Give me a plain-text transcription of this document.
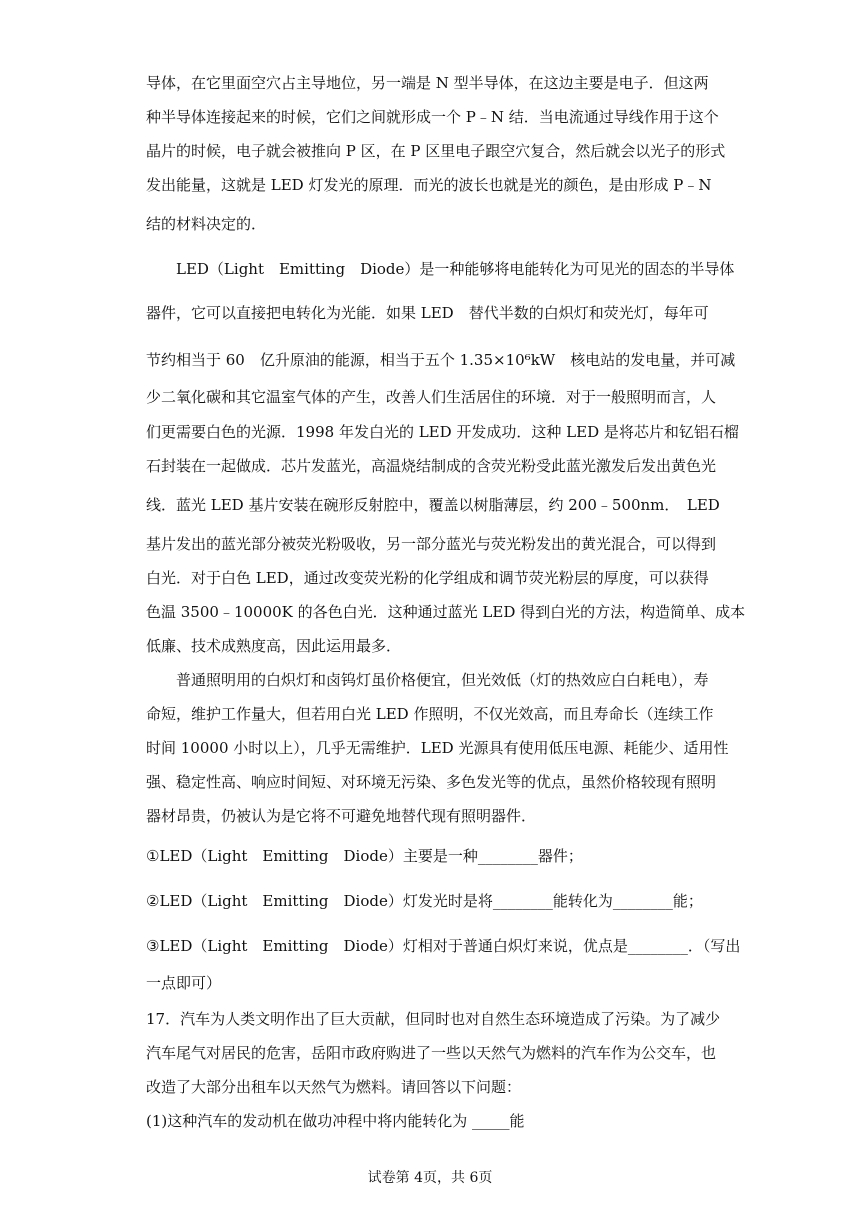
导体，在它里面空穴占主导地位，另一端是 N 型半导体，在这边主要是电子．但这两
种半导体连接起来的时候，它们之间就形成一个 P﹣N 结．当电流通过导线作用于这个
晶片的时候，电子就会被推向 P 区，在 P 区里电子跟空穴复合，然后就会以光子的形式
发出能量，这就是 LED 灯发光的原理．而光的波长也就是光的颜色，是由形成 P﹣N
结的材料决定的．
LED（Light　Emitting　Diode）是一种能够将电能转化为可见光的固态的半导体
器件，它可以直接把电转化为光能．如果 LED　替代半数的白炽灯和荧光灯，每年可
节约相当于 60　亿升原油的能源，相当于五个 1.35×10⁶kW　核电站的发电量，并可减
少二氧化碳和其它温室气体的产生，改善人们生活居住的环境．对于一般照明而言，人
们更需要白色的光源．1998 年发白光的 LED 开发成功．这种 LED 是将芯片和钇铝石榴
石封装在一起做成．芯片发蓝光，高温烧结制成的含荧光粉受此蓝光激发后发出黄色光
线．蓝光 LED 基片安装在碗形反射腔中，覆盖以树脂薄层，约 200﹣500nm．　LED
基片发出的蓝光部分被荧光粉吸收，另一部分蓝光与荧光粉发出的黄光混合，可以得到
白光．对于白色 LED，通过改变荧光粉的化学组成和调节荧光粉层的厚度，可以获得
色温 3500﹣10000K 的各色白光．这种通过蓝光 LED 得到白光的方法，构造简单、成本
低廉、技术成熟度高，因此运用最多．
普通照明用的白炽灯和卤钨灯虽价格便宜，但光效低（灯的热效应白白耗电），寿
命短，维护工作量大，但若用白光 LED 作照明，不仅光效高，而且寿命长（连续工作
时间 10000 小时以上），几乎无需维护．LED 光源具有使用低压电源、耗能少、适用性
强、稳定性高、响应时间短、对环境无污染、多色发光等的优点，虽然价格较现有照明
器材昂贵，仍被认为是它将不可避免地替代现有照明器件．
①LED（Light　Emitting　Diode）主要是一种________器件；
②LED（Light　Emitting　Diode）灯发光时是将________能转化为________能；
③LED（Light　Emitting　Diode）灯相对于普通白炽灯来说，优点是________．（写出
一点即可）
17．汽车为人类文明作出了巨大贡献，但同时也对自然生态环境造成了污染。为了减少
汽车尾气对居民的危害，岳阳市政府购进了一些以天然气为燃料的汽车作为公交车，也
改造了大部分出租车以天然气为燃料。请回答以下问题：
(1)这种汽车的发动机在做功冲程中将内能转化为 _____能
试卷第 4页，共 6页
